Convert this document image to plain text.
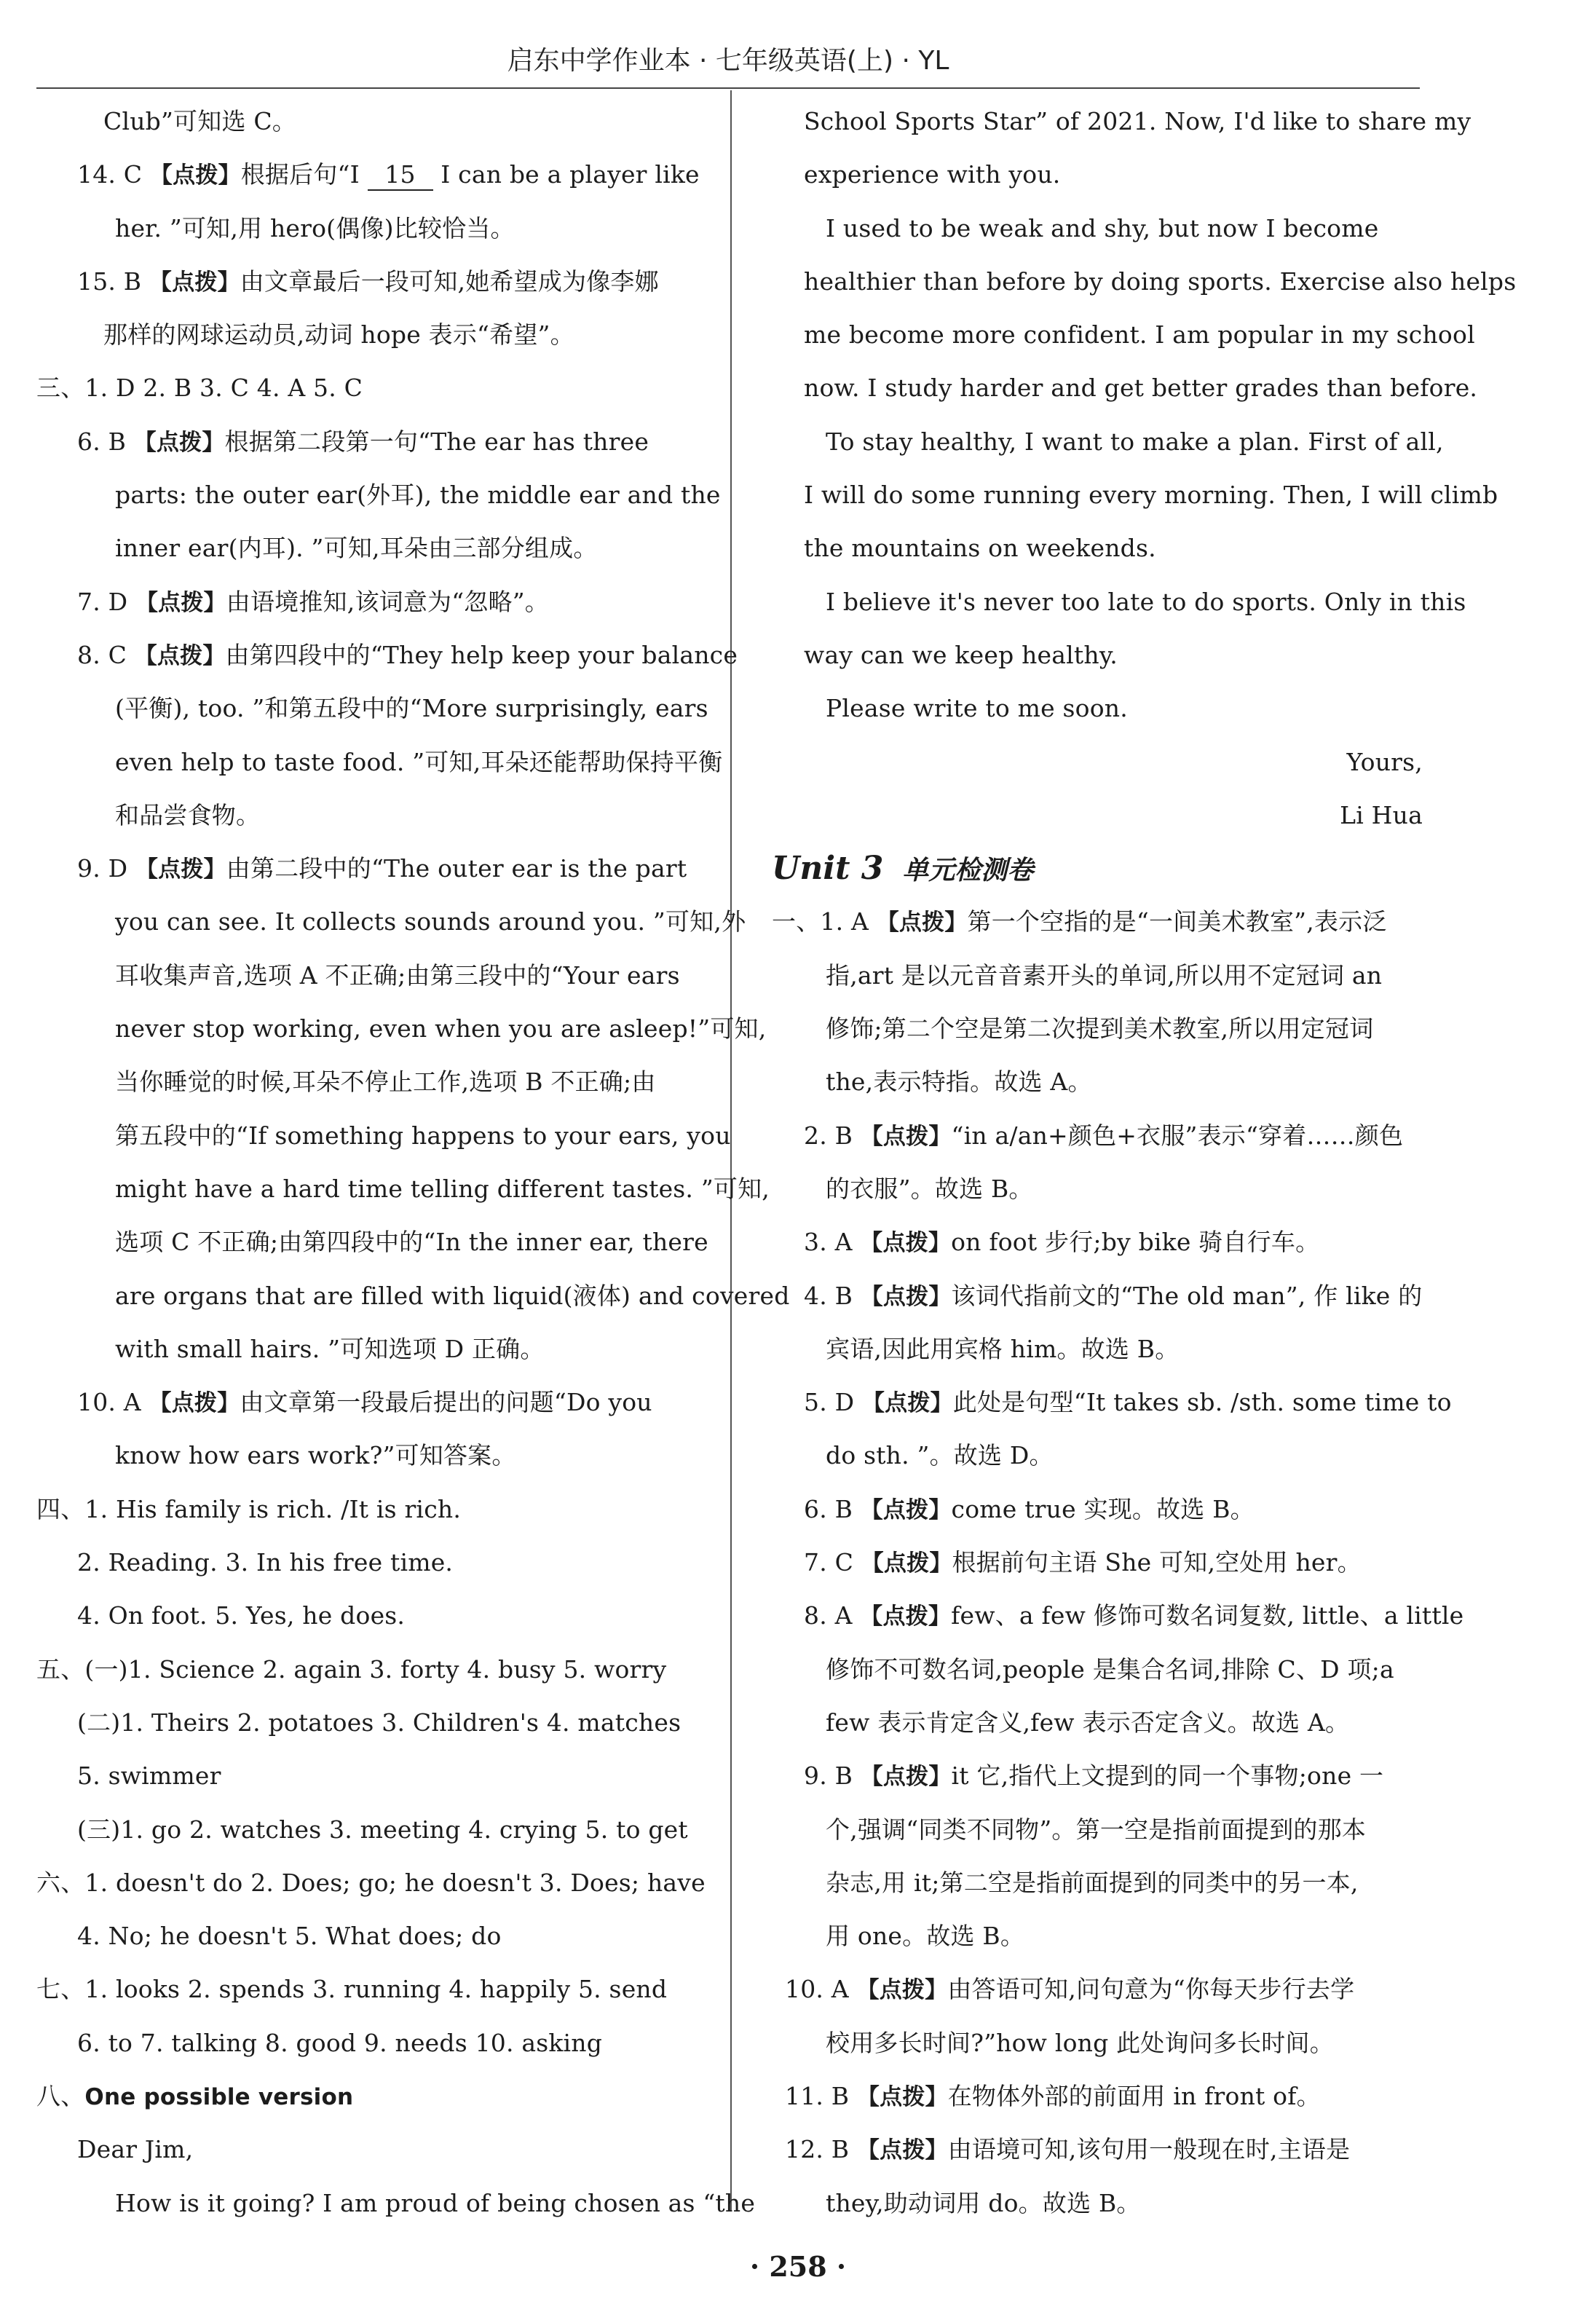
启东中学作业本 · 七年级英语(上) · YL
Club”可知选 C。
14. C 【点拨】根据后句“I 15 I can be a player like
her. ”可知,用 hero(偶像)比较恰当。
15. B 【点拨】由文章最后一段可知,她希望成为像李娜
那样的网球运动员,动词 hope 表示“希望”。
三、1. D 2. B 3. C 4. A 5. C
6. B 【点拨】根据第二段第一句“The ear has three
parts: the outer ear(外耳), the middle ear and the
inner ear(内耳). ”可知,耳朵由三部分组成。
7. D 【点拨】由语境推知,该词意为“忽略”。
8. C 【点拨】由第四段中的“They help keep your balance
(平衡), too. ”和第五段中的“More surprisingly, ears
even help to taste food. ”可知,耳朵还能帮助保持平衡
和品尝食物。
9. D 【点拨】由第二段中的“The outer ear is the part
you can see. It collects sounds around you. ”可知,外
耳收集声音,选项 A 不正确;由第三段中的“Your ears
never stop working, even when you are asleep!”可知,
当你睡觉的时候,耳朵不停止工作,选项 B 不正确;由
第五段中的“If something happens to your ears, you
might have a hard time telling different tastes. ”可知,
选项 C 不正确;由第四段中的“In the inner ear, there
are organs that are filled with liquid(液体) and covered
with small hairs. ”可知选项 D 正确。
10. A 【点拨】由文章第一段最后提出的问题“Do you
know how ears work?”可知答案。
四、1. His family is rich. /It is rich.
2. Reading. 3. In his free time.
4. On foot. 5. Yes, he does.
五、(一)1. Science 2. again 3. forty 4. busy 5. worry
(二)1. Theirs 2. potatoes 3. Children's 4. matches
5. swimmer
(三)1. go 2. watches 3. meeting 4. crying 5. to get
六、1. doesn't do 2. Does; go; he doesn't 3. Does; have
4. No; he doesn't 5. What does; do
七、1. looks 2. spends 3. running 4. happily 5. send
6. to 7. talking 8. good 9. needs 10. asking
八、One possible version
Dear Jim,
How is it going? I am proud of being chosen as “the
School Sports Star” of 2021. Now, I'd like to share my
experience with you.
I used to be weak and shy, but now I become
healthier than before by doing sports. Exercise also helps
me become more confident. I am popular in my school
now. I study harder and get better grades than before.
To stay healthy, I want to make a plan. First of all,
I will do some running every morning. Then, I will climb
the mountains on weekends.
I believe it's never too late to do sports. Only in this
way can we keep healthy.
Please write to me soon.
Yours,
Li Hua
Unit 3 单元检测卷
一、1. A 【点拨】第一个空指的是“一间美术教室”,表示泛
指,art 是以元音音素开头的单词,所以用不定冠词 an
修饰;第二个空是第二次提到美术教室,所以用定冠词
the,表示特指。故选 A。
2. B 【点拨】“in a/an+颜色+衣服”表示“穿着……颜色
的衣服”。故选 B。
3. A 【点拨】on foot 步行;by bike 骑自行车。
4. B 【点拨】该词代指前文的“The old man”, 作 like 的
宾语,因此用宾格 him。故选 B。
5. D 【点拨】此处是句型“It takes sb. /sth. some time to
do sth. ”。故选 D。
6. B 【点拨】come true 实现。故选 B。
7. C 【点拨】根据前句主语 She 可知,空处用 her。
8. A 【点拨】few、a few 修饰可数名词复数, little、a little
修饰不可数名词,people 是集合名词,排除 C、D 项;a
few 表示肯定含义,few 表示否定含义。故选 A。
9. B 【点拨】it 它,指代上文提到的同一个事物;one 一
个,强调“同类不同物”。第一空是指前面提到的那本
杂志,用 it;第二空是指前面提到的同类中的另一本,
用 one。故选 B。
10. A 【点拨】由答语可知,问句意为“你每天步行去学
校用多长时间?”how long 此处询问多长时间。
11. B 【点拨】在物体外部的前面用 in front of。
12. B 【点拨】由语境可知,该句用一般现在时,主语是
they,助动词用 do。故选 B。
· 258 ·
